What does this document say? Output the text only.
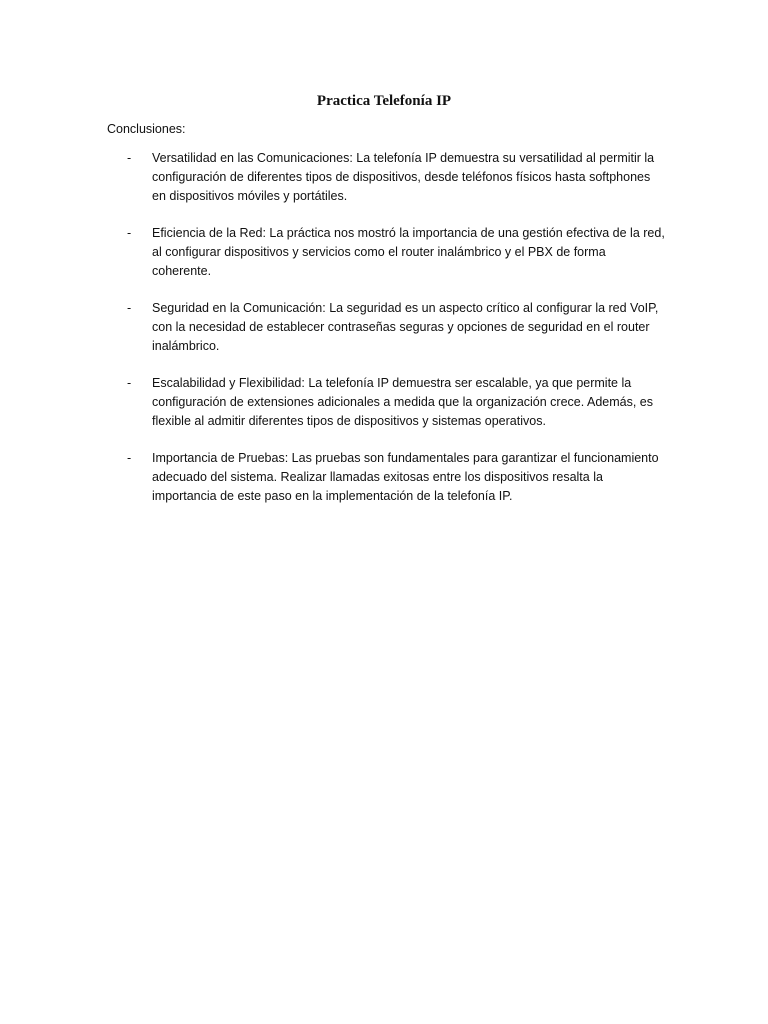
Practica Telefonía IP

Conclusiones:

-	Versatilidad en las Comunicaciones: La telefonía IP demuestra su versatilidad al permitir la configuración de diferentes tipos de dispositivos, desde teléfonos físicos hasta softphones en dispositivos móviles y portátiles.
-	Eficiencia de la Red: La práctica nos mostró la importancia de una gestión efectiva de la red, al configurar dispositivos y servicios como el router inalámbrico y el PBX de forma coherente.
-	Seguridad en la Comunicación: La seguridad es un aspecto crítico al configurar la red VoIP, con la necesidad de establecer contraseñas seguras y opciones de seguridad en el router inalámbrico.
-	Escalabilidad y Flexibilidad: La telefonía IP demuestra ser escalable, ya que permite la configuración de extensiones adicionales a medida que la organización crece. Además, es flexible al admitir diferentes tipos de dispositivos y sistemas operativos.
-	Importancia de Pruebas: Las pruebas son fundamentales para garantizar el funcionamiento adecuado del sistema. Realizar llamadas exitosas entre los dispositivos resalta la importancia de este paso en la implementación de la telefonía IP.
